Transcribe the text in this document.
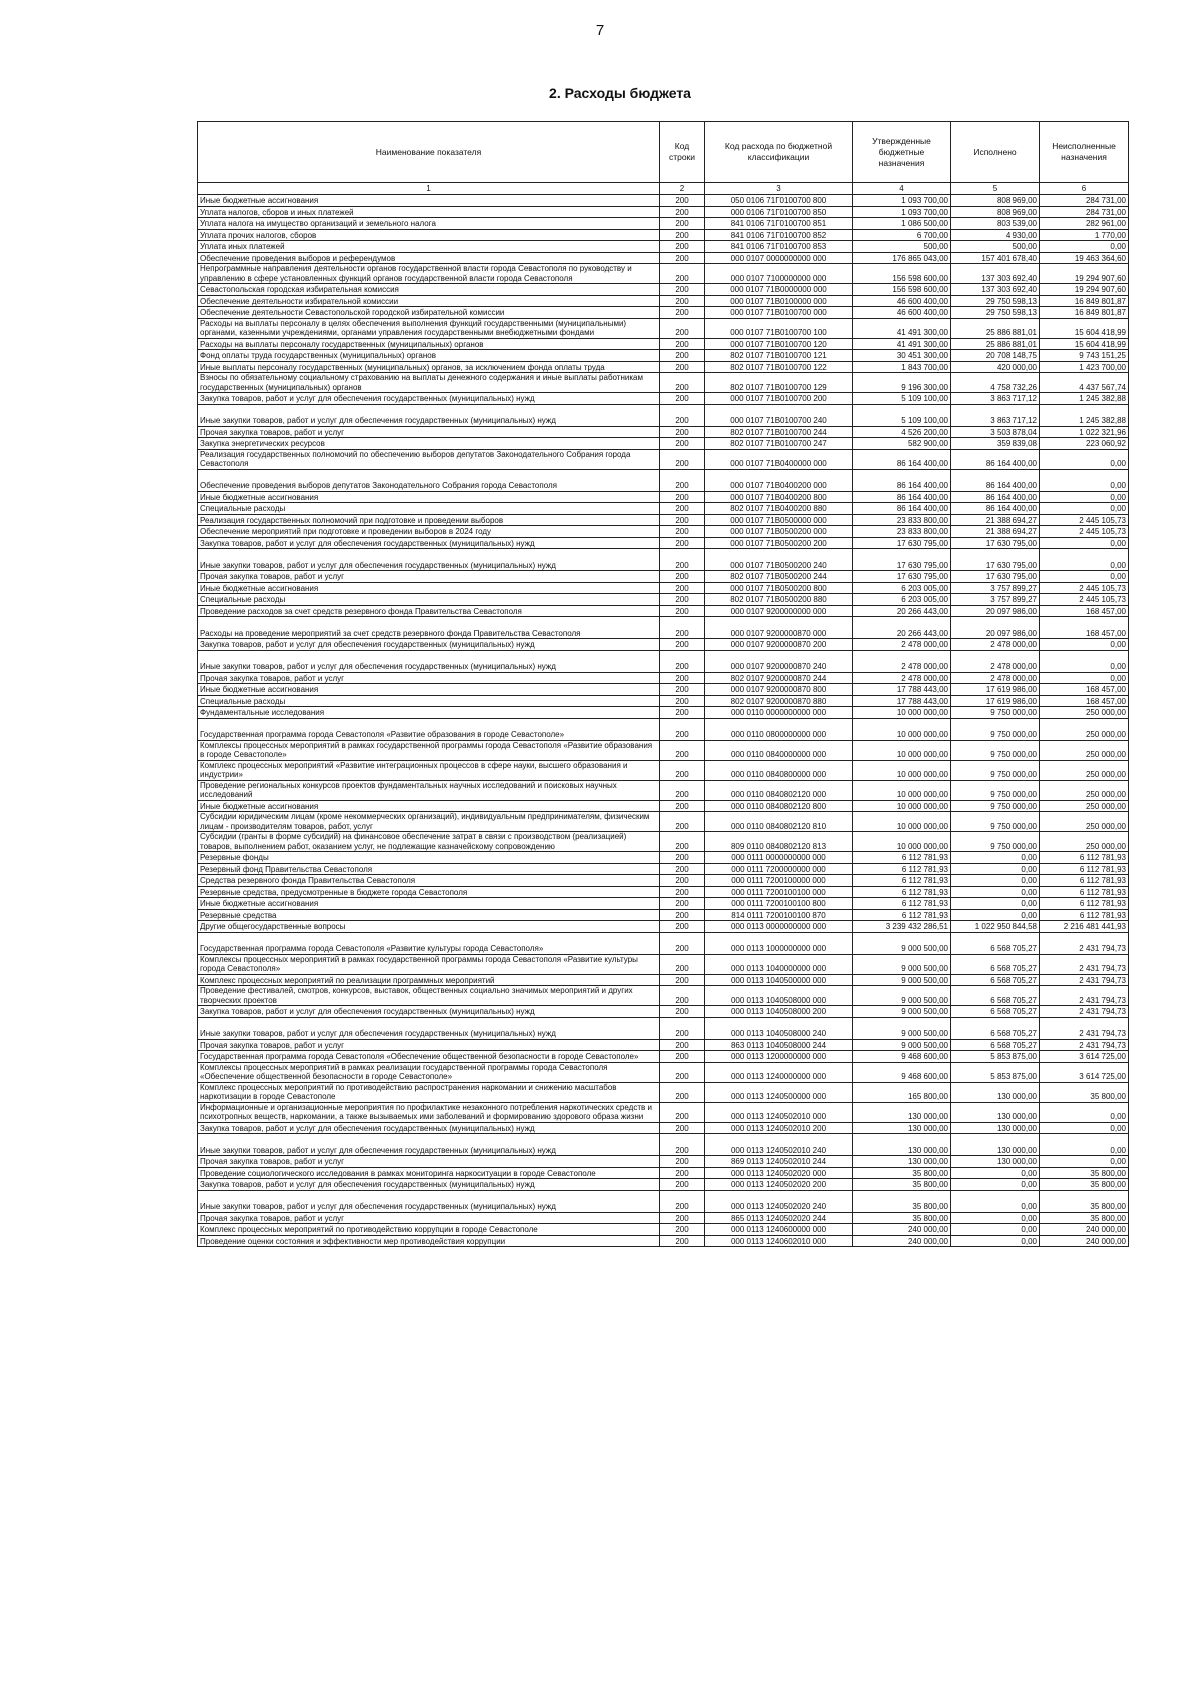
7
2. Расходы бюджета
Наименование показателя	Код строки	Код расхода по бюджетной классификации	Утвержденные бюджетные назначения	Исполнено	Неисполненные назначения
1	2	3	4	5	6
Иные бюджетные ассигнования	200	050 0106 71Г0100700 800	1 093 700,00	808 969,00	284 731,00
Уплата налогов, сборов и иных платежей	200	000 0106 71Г0100700 850	1 093 700,00	808 969,00	284 731,00
Уплата налога на имущество организаций и земельного налога	200	841 0106 71Г0100700 851	1 086 500,00	803 539,00	282 961,00
Уплата прочих налогов, сборов	200	841 0106 71Г0100700 852	6 700,00	4 930,00	1 770,00
Уплата иных платежей	200	841 0106 71Г0100700 853	500,00	500,00	0,00
Обеспечение проведения выборов и референдумов	200	000 0107 0000000000 000	176 865 043,00	157 401 678,40	19 463 364,60
Непрограммные направления деятельности органов государственной власти города Севастополя по руководству и управлению в сфере установленных функций органов государственной власти города Севастополя	200	000 0107 7100000000 000	156 598 600,00	137 303 692,40	19 294 907,60
Севастопольская городская избирательная комиссия	200	000 0107 71В0000000 000	156 598 600,00	137 303 692,40	19 294 907,60
Обеспечение деятельности избирательной комиссии	200	000 0107 71В0100000 000	46 600 400,00	29 750 598,13	16 849 801,87
Обеспечение деятельности Севастопольской городской избирательной комиссии	200	000 0107 71В0100700 000	46 600 400,00	29 750 598,13	16 849 801,87
Расходы на выплаты персоналу в целях обеспечения выполнения функций государственными (муниципальными) органами, казенными учреждениями, органами управления государственными внебюджетными фондами	200	000 0107 71В0100700 100	41 491 300,00	25 886 881,01	15 604 418,99
Расходы на выплаты персоналу государственных (муниципальных) органов	200	000 0107 71В0100700 120	41 491 300,00	25 886 881,01	15 604 418,99
Фонд оплаты труда государственных (муниципальных) органов	200	802 0107 71В0100700 121	30 451 300,00	20 708 148,75	9 743 151,25
Иные выплаты персоналу государственных (муниципальных) органов, за исключением фонда оплаты труда	200	802 0107 71В0100700 122	1 843 700,00	420 000,00	1 423 700,00
Взносы по обязательному социальному страхованию на выплаты денежного содержания и иные выплаты работникам государственных (муниципальных) органов	200	802 0107 71В0100700 129	9 196 300,00	4 758 732,26	4 437 567,74
Закупка товаров, работ и услуг для обеспечения государственных (муниципальных) нужд	200	000 0107 71В0100700 200	5 109 100,00	3 863 717,12	1 245 382,88
Иные закупки товаров, работ и услуг для обеспечения государственных (муниципальных) нужд	200	000 0107 71В0100700 240	5 109 100,00	3 863 717,12	1 245 382,88
Прочая закупка товаров, работ и услуг	200	802 0107 71В0100700 244	4 526 200,00	3 503 878,04	1 022 321,96
Закупка энергетических ресурсов	200	802 0107 71В0100700 247	582 900,00	359 839,08	223 060,92
Реализация государственных полномочий по обеспечению выборов депутатов Законодательного Собрания города Севастополя	200	000 0107 71В0400000 000	86 164 400,00	86 164 400,00	0,00
Обеспечение проведения выборов депутатов Законодательного Собрания города Севастополя	200	000 0107 71В0400200 000	86 164 400,00	86 164 400,00	0,00
Иные бюджетные ассигнования	200	000 0107 71В0400200 800	86 164 400,00	86 164 400,00	0,00
Специальные расходы	200	802 0107 71В0400200 880	86 164 400,00	86 164 400,00	0,00
Реализация государственных полномочий при подготовке и проведении выборов	200	000 0107 71В0500000 000	23 833 800,00	21 388 694,27	2 445 105,73
Обеспечение мероприятий при подготовке и проведении выборов в 2024 году	200	000 0107 71В0500200 000	23 833 800,00	21 388 694,27	2 445 105,73
Закупка товаров, работ и услуг для обеспечения государственных (муниципальных) нужд	200	000 0107 71В0500200 200	17 630 795,00	17 630 795,00	0,00
Иные закупки товаров, работ и услуг для обеспечения государственных (муниципальных) нужд	200	000 0107 71В0500200 240	17 630 795,00	17 630 795,00	0,00
Прочая закупка товаров, работ и услуг	200	802 0107 71В0500200 244	17 630 795,00	17 630 795,00	0,00
Иные бюджетные ассигнования	200	000 0107 71В0500200 800	6 203 005,00	3 757 899,27	2 445 105,73
Специальные расходы	200	802 0107 71В0500200 880	6 203 005,00	3 757 899,27	2 445 105,73
Проведение расходов за счет средств резервного фонда Правительства Севастополя	200	000 0107 9200000000 000	20 266 443,00	20 097 986,00	168 457,00
Расходы на проведение мероприятий за счет средств резервного фонда Правительства Севастополя	200	000 0107 9200000870 000	20 266 443,00	20 097 986,00	168 457,00
Закупка товаров, работ и услуг для обеспечения государственных (муниципальных) нужд	200	000 0107 9200000870 200	2 478 000,00	2 478 000,00	0,00
Иные закупки товаров, работ и услуг для обеспечения государственных (муниципальных) нужд	200	000 0107 9200000870 240	2 478 000,00	2 478 000,00	0,00
Прочая закупка товаров, работ и услуг	200	802 0107 9200000870 244	2 478 000,00	2 478 000,00	0,00
Иные бюджетные ассигнования	200	000 0107 9200000870 800	17 788 443,00	17 619 986,00	168 457,00
Специальные расходы	200	802 0107 9200000870 880	17 788 443,00	17 619 986,00	168 457,00
Фундаментальные исследования	200	000 0110 0000000000 000	10 000 000,00	9 750 000,00	250 000,00
Государственная программа города Севастополя «Развитие образования в городе Севастополе»	200	000 0110 0800000000 000	10 000 000,00	9 750 000,00	250 000,00
Комплексы процессных мероприятий в рамках государственной программы города Севастополя «Развитие образования в городе Севастополе»	200	000 0110 0840000000 000	10 000 000,00	9 750 000,00	250 000,00
Комплекс процессных мероприятий «Развитие интеграционных процессов в сфере науки, высшего образования и индустрии»	200	000 0110 0840800000 000	10 000 000,00	9 750 000,00	250 000,00
Проведение региональных конкурсов проектов фундаментальных научных исследований и поисковых научных исследований	200	000 0110 0840802120 000	10 000 000,00	9 750 000,00	250 000,00
Иные бюджетные ассигнования	200	000 0110 0840802120 800	10 000 000,00	9 750 000,00	250 000,00
Субсидии юридическим лицам (кроме некоммерческих организаций), индивидуальным предпринимателям, физическим лицам - производителям товаров, работ, услуг	200	000 0110 0840802120 810	10 000 000,00	9 750 000,00	250 000,00
Субсидии (гранты в форме субсидий) на финансовое обеспечение затрат в связи с производством (реализацией) товаров, выполнением работ, оказанием услуг, не подлежащие казначейскому сопровождению	200	809 0110 0840802120 813	10 000 000,00	9 750 000,00	250 000,00
Резервные фонды	200	000 0111 0000000000 000	6 112 781,93	0,00	6 112 781,93
Резервный фонд Правительства Севастополя	200	000 0111 7200000000 000	6 112 781,93	0,00	6 112 781,93
Средства резервного фонда Правительства Севастополя	200	000 0111 7200100000 000	6 112 781,93	0,00	6 112 781,93
Резервные средства, предусмотренные в бюджете города Севастополя	200	000 0111 7200100100 000	6 112 781,93	0,00	6 112 781,93
Иные бюджетные ассигнования	200	000 0111 7200100100 800	6 112 781,93	0,00	6 112 781,93
Резервные средства	200	814 0111 7200100100 870	6 112 781,93	0,00	6 112 781,93
Другие общегосударственные вопросы	200	000 0113 0000000000 000	3 239 432 286,51	1 022 950 844,58	2 216 481 441,93
Государственная программа города Севастополя «Развитие культуры города Севастополя»	200	000 0113 1000000000 000	9 000 500,00	6 568 705,27	2 431 794,73
Комплексы процессных мероприятий в рамках государственной программы города Севастополя «Развитие культуры города Севастополя»	200	000 0113 1040000000 000	9 000 500,00	6 568 705,27	2 431 794,73
Комплекс процессных мероприятий по реализации программных мероприятий	200	000 0113 1040500000 000	9 000 500,00	6 568 705,27	2 431 794,73
Проведение фестивалей, смотров, конкурсов, выставок, общественных социально значимых мероприятий и других творческих проектов	200	000 0113 1040508000 000	9 000 500,00	6 568 705,27	2 431 794,73
Закупка товаров, работ и услуг для обеспечения государственных (муниципальных) нужд	200	000 0113 1040508000 200	9 000 500,00	6 568 705,27	2 431 794,73
Иные закупки товаров, работ и услуг для обеспечения государственных (муниципальных) нужд	200	000 0113 1040508000 240	9 000 500,00	6 568 705,27	2 431 794,73
Прочая закупка товаров, работ и услуг	200	863 0113 1040508000 244	9 000 500,00	6 568 705,27	2 431 794,73
Государственная программа города Севастополя «Обеспечение общественной безопасности в городе Севастополе»	200	000 0113 1200000000 000	9 468 600,00	5 853 875,00	3 614 725,00
Комплексы процессных мероприятий в рамках реализации государственной программы города Севастополя «Обеспечение общественной безопасности в городе Севастополе»	200	000 0113 1240000000 000	9 468 600,00	5 853 875,00	3 614 725,00
Комплекс процессных мероприятий по противодействию распространения наркомании и снижению масштабов наркотизации в городе Севастополе	200	000 0113 1240500000 000	165 800,00	130 000,00	35 800,00
Информационные и организационные мероприятия по профилактике незаконного потребления наркотических средств и психотропных веществ, наркомании, а также вызываемых ими заболеваний и формированию здорового образа жизни	200	000 0113 1240502010 000	130 000,00	130 000,00	0,00
Закупка товаров, работ и услуг для обеспечения государственных (муниципальных) нужд	200	000 0113 1240502010 200	130 000,00	130 000,00	0,00
Иные закупки товаров, работ и услуг для обеспечения государственных (муниципальных) нужд	200	000 0113 1240502010 240	130 000,00	130 000,00	0,00
Прочая закупка товаров, работ и услуг	200	869 0113 1240502010 244	130 000,00	130 000,00	0,00
Проведение социологического исследования в рамках мониторинга наркоситуации в городе Севастополе	200	000 0113 1240502020 000	35 800,00	0,00	35 800,00
Закупка товаров, работ и услуг для обеспечения государственных (муниципальных) нужд	200	000 0113 1240502020 200	35 800,00	0,00	35 800,00
Иные закупки товаров, работ и услуг для обеспечения государственных (муниципальных) нужд	200	000 0113 1240502020 240	35 800,00	0,00	35 800,00
Прочая закупка товаров, работ и услуг	200	865 0113 1240502020 244	35 800,00	0,00	35 800,00
Комплекс процессных мероприятий по противодействию коррупции в городе Севастополе	200	000 0113 1240600000 000	240 000,00	0,00	240 000,00
Проведение оценки состояния и эффективности мер противодействия коррупции	200	000 0113 1240602010 000	240 000,00	0,00	240 000,00
